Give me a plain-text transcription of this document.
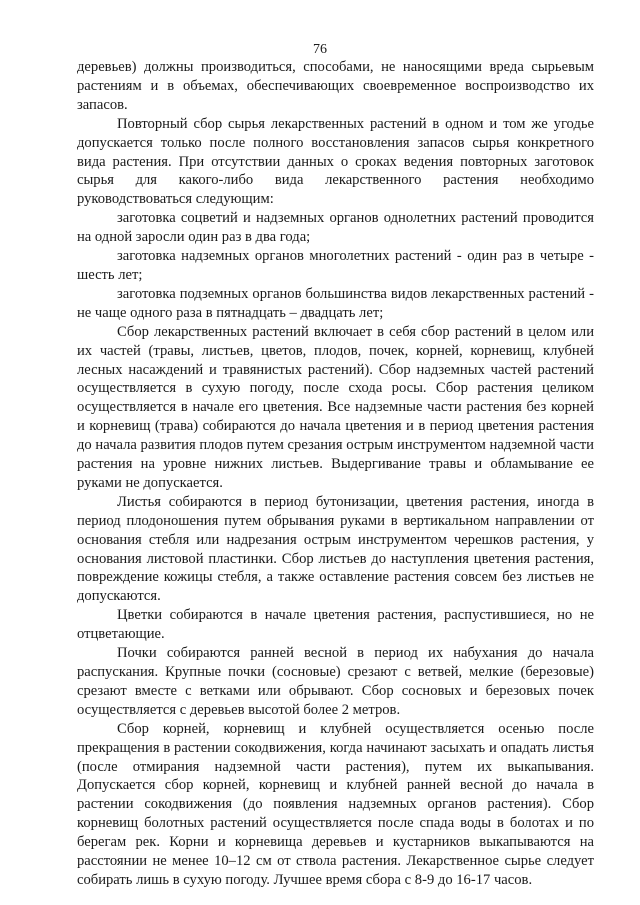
76

деревьев) должны производиться, способами, не наносящими вреда сырьевым растениям и в объемах, обеспечивающих своевременное воспроизводство их запасов.

Повторный сбор сырья лекарственных растений в одном и том же угодье допускается только после полного восстановления запасов сырья конкретного вида растения. При отсутствии данных о сроках ведения повторных заготовок сырья для какого-либо вида лекарственного растения необходимо руководствоваться следующим:

заготовка соцветий и надземных органов однолетних растений проводится на одной заросли один раз в два года;

заготовка надземных органов многолетних растений - один раз в четыре - шесть лет;

заготовка подземных органов большинства видов лекарственных растений - не чаще одного раза в пятнадцать – двадцать лет;

Сбор лекарственных растений включает в себя сбор растений в целом или их частей (травы, листьев, цветов, плодов, почек, корней, корневищ, клубней лесных насаждений и травянистых растений). Сбор надземных частей растений осуществляется в сухую погоду, после схода росы. Сбор растения целиком осуществляется в начале его цветения. Все надземные части растения без корней и корневищ (трава) собираются до начала цветения и в период цветения растения до начала развития плодов путем срезания острым инструментом надземной части растения на уровне нижних листьев. Выдергивание травы и обламывание ее руками не допускается.

Листья собираются в период бутонизации, цветения растения, иногда в период плодоношения путем обрывания руками в вертикальном направлении от основания стебля или надрезания острым инструментом черешков растения, у основания листовой пластинки. Сбор листьев до наступления цветения растения, повреждение кожицы стебля, а также оставление растения совсем без листьев не допускаются.

Цветки собираются в начале цветения растения, распустившиеся, но не отцветающие.

Почки собираются ранней весной в период их набухания до начала распускания. Крупные почки (сосновые) срезают с ветвей, мелкие (березовые) срезают вместе с ветками или обрывают. Сбор сосновых и березовых почек осуществляется с деревьев высотой более 2 метров.

Сбор корней, корневищ и клубней осуществляется осенью после прекращения в растении сокодвижения, когда начинают засыхать и опадать листья (после отмирания надземной части растения), путем их выкапывания. Допускается сбор корней, корневищ и клубней ранней весной до начала в растении сокодвижения (до появления надземных органов растения). Сбор корневищ болотных растений осуществляется после спада воды в болотах и по берегам рек. Корни и корневища деревьев и кустарников выкапываются на расстоянии не менее 10–12 см от ствола растения. Лекарственное сырье следует собирать лишь в сухую погоду. Лучшее время сбора с 8-9 до 16-17 часов.
